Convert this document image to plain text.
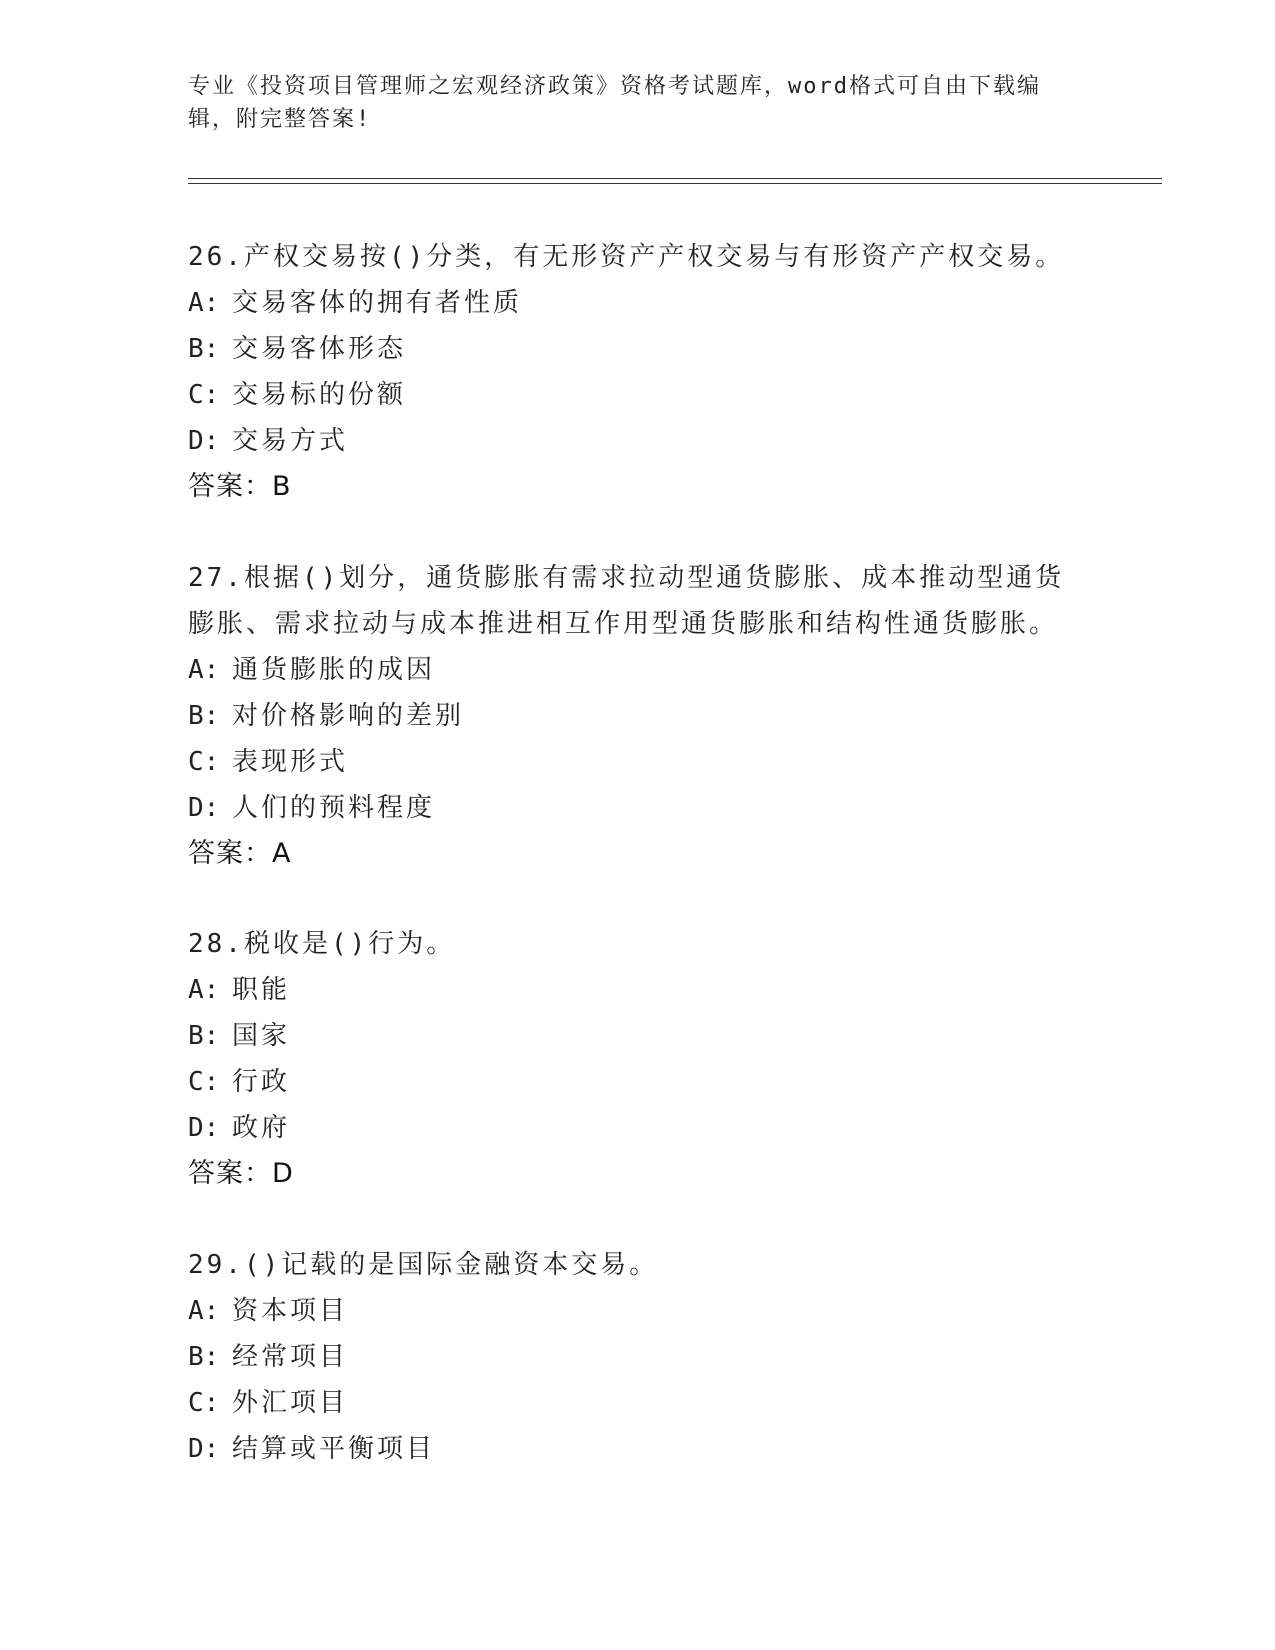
专业《投资项目管理师之宏观经济政策》资格考试题库，word格式可自由下载编辑，附完整答案!
26.产权交易按()分类，有无形资产产权交易与有形资产产权交易。
A: 交易客体的拥有者性质
B: 交易客体形态
C: 交易标的份额
D: 交易方式
答案：B
27.根据()划分，通货膨胀有需求拉动型通货膨胀、成本推动型通货膨胀、需求拉动与成本推进相互作用型通货膨胀和结构性通货膨胀。
A: 通货膨胀的成因
B: 对价格影响的差别
C: 表现形式
D: 人们的预料程度
答案：A
28.税收是()行为。
A: 职能
B: 国家
C: 行政
D: 政府
答案：D
29.()记载的是国际金融资本交易。
A: 资本项目
B: 经常项目
C: 外汇项目
D: 结算或平衡项目
